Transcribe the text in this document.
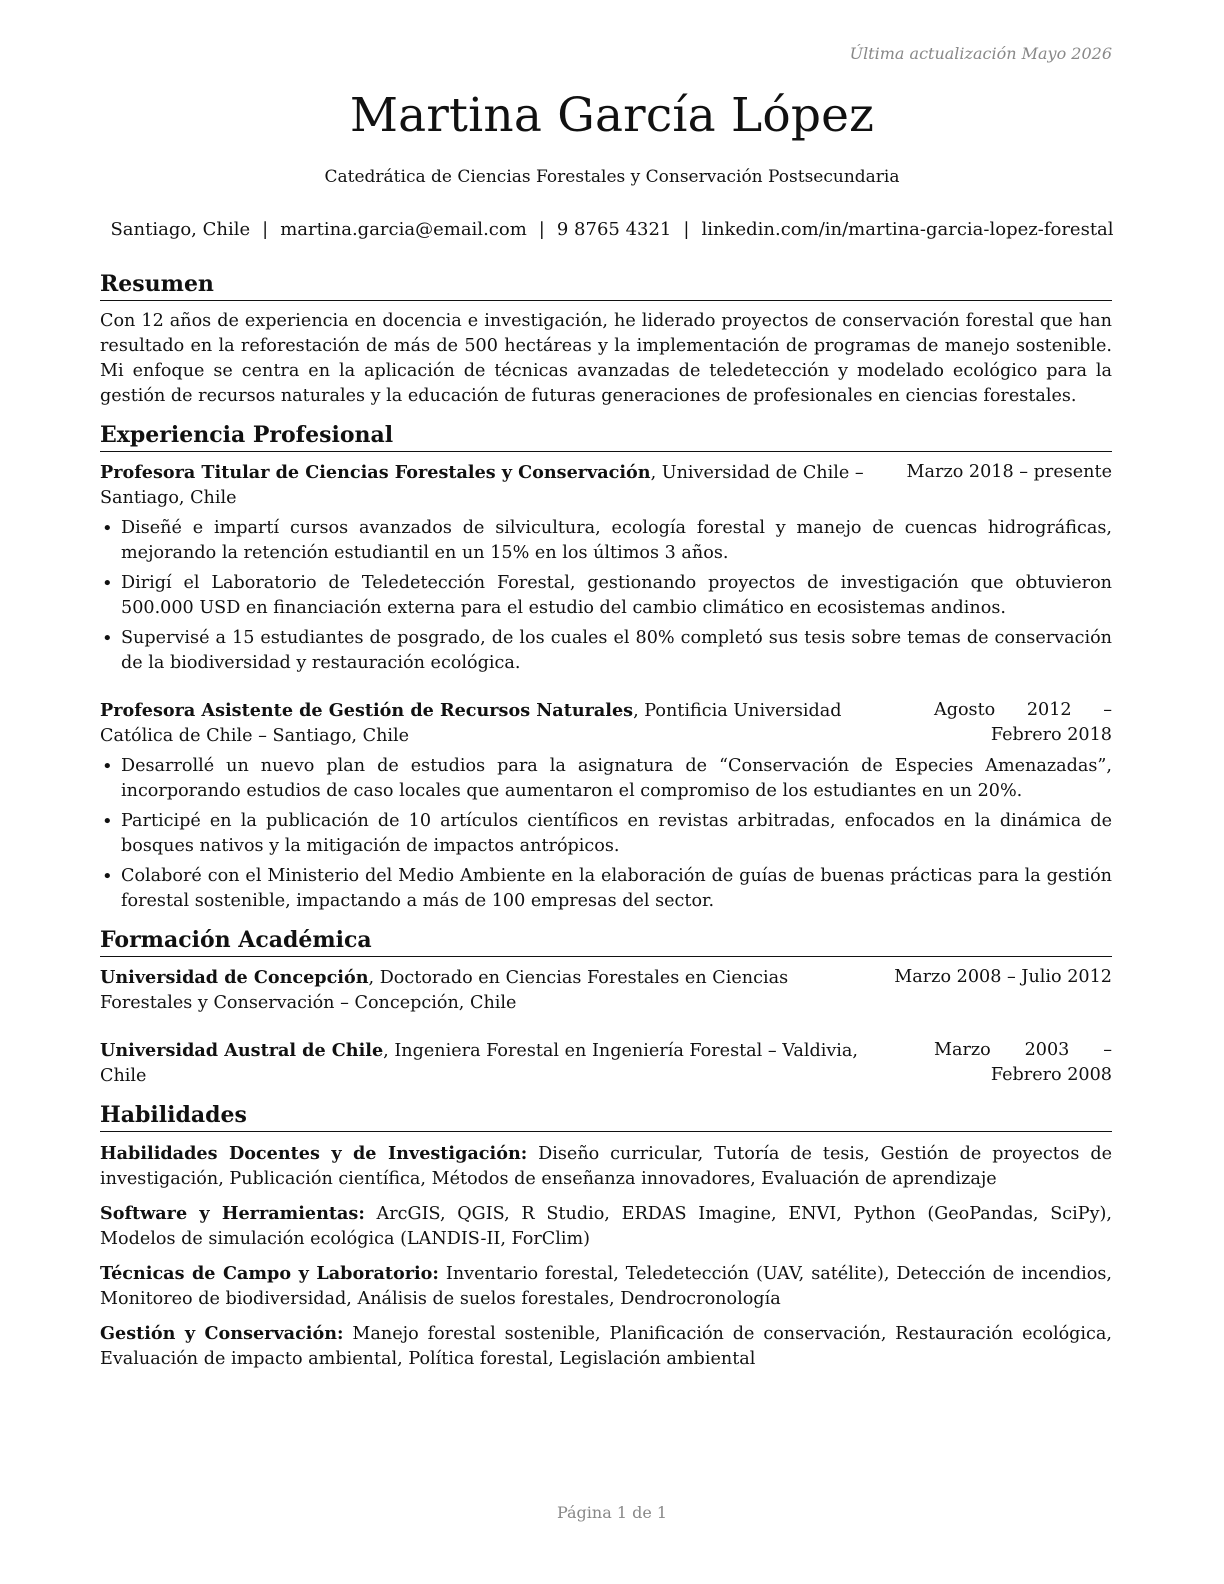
Última actualización Mayo 2026
Martina García López
Catedrática de Ciencias Forestales y Conservación Postsecundaria
Santiago, Chile | martina.garcia@email.com | 9 8765 4321 | linkedin.com/in/martina-garcia-lopez-forestal
Resumen

Con 12 años de experiencia en docencia e investigación, he liderado proyectos de conservación forestal que han resultado en la reforestación de más de 500 hectáreas y la implementación de programas de manejo sostenible. Mi enfoque se centra en la aplicación de técnicas avanzadas de teledetección y modelado ecológico para la gestión de recursos naturales y la educación de futuras generaciones de profesionales en ciencias forestales.

Experiencia Profesional
Profesora Titular de Ciencias Forestales y Conservación, Universidad de Chile – Santiago, Chile
Marzo 2018 – presente
• Diseñé e impartí cursos avanzados de silvicultura, ecología forestal y manejo de cuencas hidrográficas, mejorando la retención estudiantil en un 15% en los últimos 3 años.
• Dirigí el Laboratorio de Teledetección Forestal, gestionando proyectos de investigación que obtuvieron 500.000 USD en financiación externa para el estudio del cambio climático en ecosistemas andinos.
• Supervisé a 15 estudiantes de posgrado, de los cuales el 80% completó sus tesis sobre temas de conservación de la biodiversidad y restauración ecológica.
Profesora Asistente de Gestión de Recursos Naturales, Pontificia Universidad Católica de Chile – Santiago, Chile
Agosto 2012 – Febrero 2018
• Desarrollé un nuevo plan de estudios para la asignatura de “Conservación de Especies Amenazadas”, incorporando estudios de caso locales que aumentaron el compromiso de los estudiantes en un 20%.
• Participé en la publicación de 10 artículos científicos en revistas arbitradas, enfocados en la dinámica de bosques nativos y la mitigación de impactos antrópicos.
• Colaboré con el Ministerio del Medio Ambiente en la elaboración de guías de buenas prácticas para la gestión forestal sostenible, impactando a más de 100 empresas del sector.
Formación Académica
Universidad de Concepción, Doctorado en Ciencias Forestales en Ciencias Forestales y Conservación – Concepción, Chile
Marzo 2008 – Julio 2012
Universidad Austral de Chile, Ingeniera Forestal en Ingeniería Forestal – Valdivia, Chile
Marzo 2003 – Febrero 2008
Habilidades
Habilidades Docentes y de Investigación: Diseño curricular, Tutoría de tesis, Gestión de proyectos de investigación, Publicación científica, Métodos de enseñanza innovadores, Evaluación de aprendizaje
Software y Herramientas: ArcGIS, QGIS, R Studio, ERDAS Imagine, ENVI, Python (GeoPandas, SciPy), Modelos de simulación ecológica (LANDIS-II, ForClim)
Técnicas de Campo y Laboratorio: Inventario forestal, Teledetección (UAV, satélite), Detección de incendios, Monitoreo de biodiversidad, Análisis de suelos forestales, Dendrocronología
Gestión y Conservación: Manejo forestal sostenible, Planificación de conservación, Restauración ecológica, Evaluación de impacto ambiental, Política forestal, Legislación ambiental
Página 1 de 1
